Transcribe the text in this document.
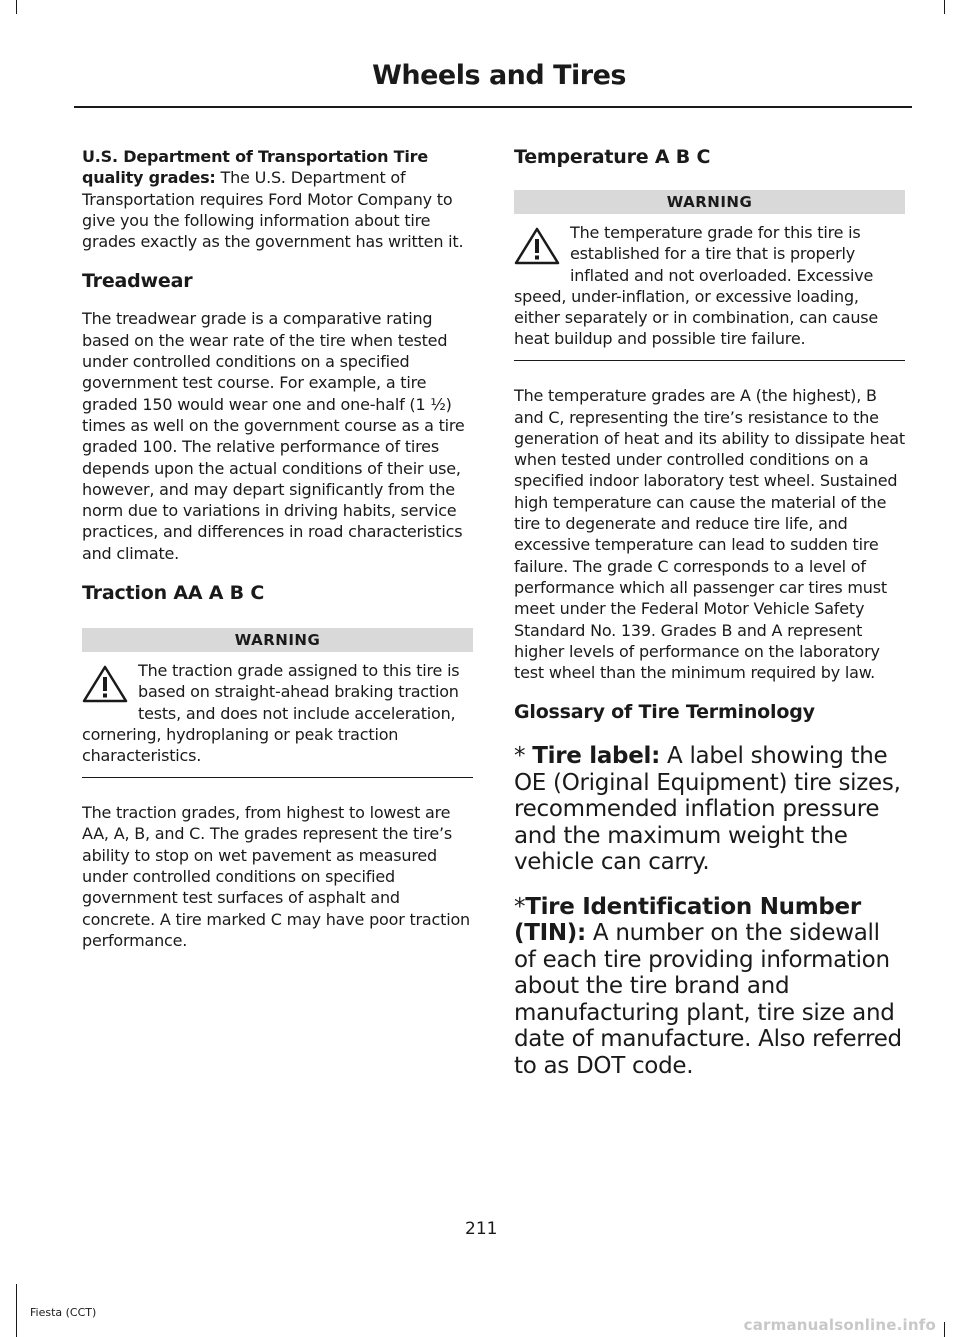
Wheels and Tires

U.S. Department of Transportation Tire quality grades: The U.S. Department of Transportation requires Ford Motor Company to give you the following information about tire grades exactly as the government has written it.

Treadwear

The treadwear grade is a comparative rating based on the wear rate of the tire when tested under controlled conditions on a specified government test course. For example, a tire graded 150 would wear one and one-half (1 ½) times as well on the government course as a tire graded 100. The relative performance of tires depends upon the actual conditions of their use, however, and may depart significantly from the norm due to variations in driving habits, service practices, and differences in road characteristics and climate.

Traction AA A B C
WARNING
The traction grade assigned to this tire is based on straight-ahead braking traction tests, and does not include acceleration, cornering, hydroplaning or peak traction characteristics.

The traction grades, from highest to lowest are AA, A, B, and C. The grades represent the tire’s ability to stop on wet pavement as measured under controlled conditions on specified government test surfaces of asphalt and concrete. A tire marked C may have poor traction performance.

Temperature A B C
WARNING
The temperature grade for this tire is established for a tire that is properly inflated and not overloaded. Excessive speed, under-inflation, or excessive loading, either separately or in combination, can cause heat buildup and possible tire failure.

The temperature grades are A (the highest), B and C, representing the tire’s resistance to the generation of heat and its ability to dissipate heat when tested under controlled conditions on a specified indoor laboratory test wheel. Sustained high temperature can cause the material of the tire to degenerate and reduce tire life, and excessive temperature can lead to sudden tire failure. The grade C corresponds to a level of performance which all passenger car tires must meet under the Federal Motor Vehicle Safety Standard No. 139. Grades B and A represent higher levels of performance on the laboratory test wheel than the minimum required by law.

Glossary of Tire Terminology

* Tire label: A label showing the OE (Original Equipment) tire sizes, recommended inflation pressure and the maximum weight the vehicle can carry.

*Tire Identification Number (TIN): A number on the sidewall of each tire providing information about the tire brand and manufacturing plant, tire size and date of manufacture. Also referred to as DOT code.

211
Fiesta (CCT)
carmanualsonline.info
